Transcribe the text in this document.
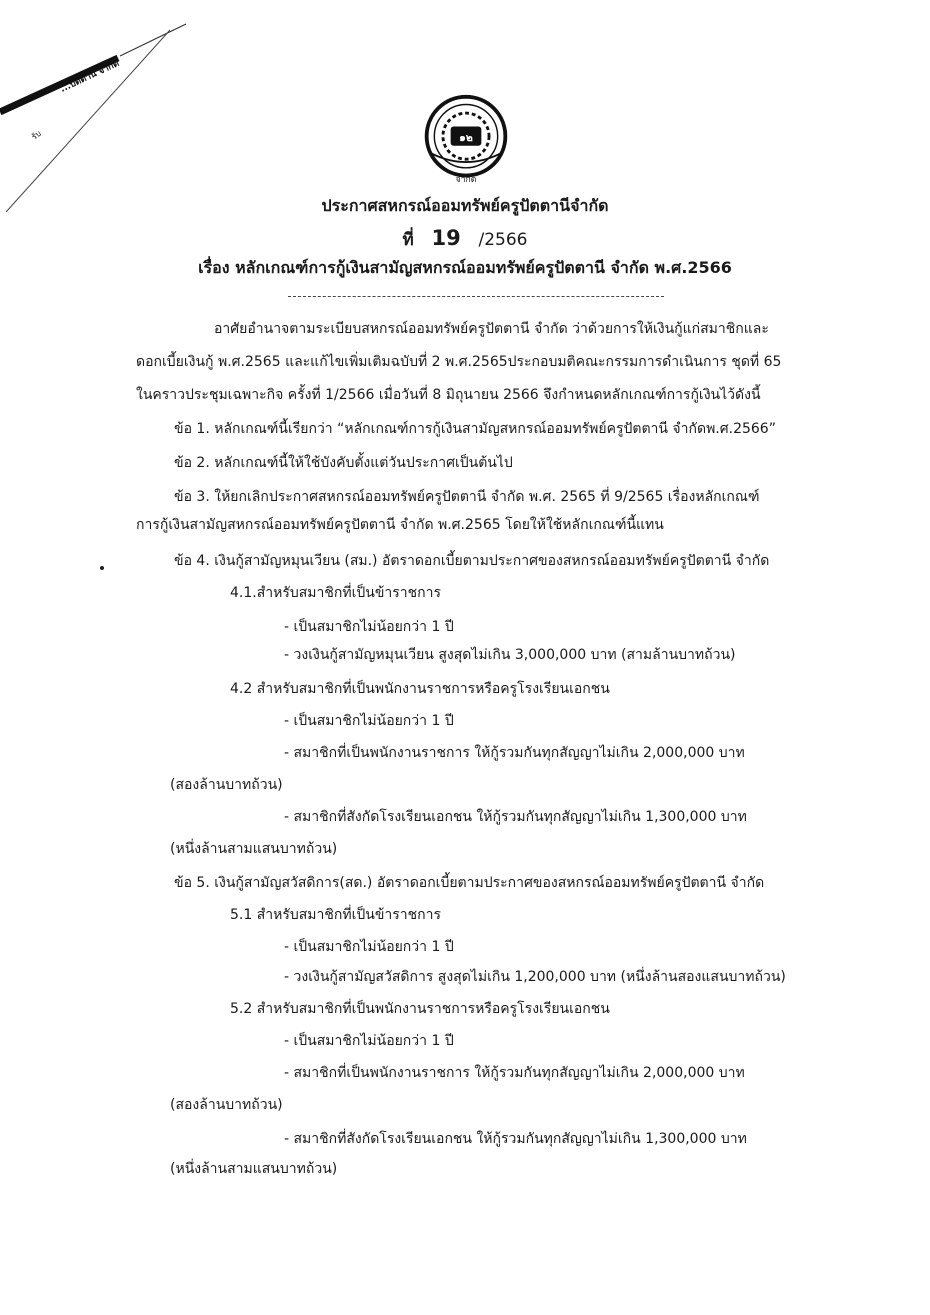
...ปัตตานี จำกัด
รับ	๑๒
จำกัด
ประกาศสหกรณ์ออมทรัพย์ครูปัตตานีจำกัด
ที่ 19 /2566
เรื่อง หลักเกณฑ์การกู้เงินสามัญสหกรณ์ออมทรัพย์ครูปัตตานี จำกัด พ.ศ.2566
อาศัยอำนาจตามระเบียบสหกรณ์ออมทรัพย์ครูปัตตานี จำกัด ว่าด้วยการให้เงินกู้แก่สมาชิกและ
ดอกเบี้ยเงินกู้ พ.ศ.2565 และแก้ไขเพิ่มเติมฉบับที่ 2 พ.ศ.2565ประกอบมติคณะกรรมการดำเนินการ ชุดที่ 65
ในคราวประชุมเฉพาะกิจ ครั้งที่ 1/2566 เมื่อวันที่ 8 มิถุนายน 2566 จึงกำหนดหลักเกณฑ์การกู้เงินไว้ดังนี้
ข้อ 1. หลักเกณฑ์นี้เรียกว่า “หลักเกณฑ์การกู้เงินสามัญสหกรณ์ออมทรัพย์ครูปัตตานี จำกัดพ.ศ.2566”
ข้อ 2. หลักเกณฑ์นี้ให้ใช้บังคับตั้งแต่วันประกาศเป็นต้นไป
ข้อ 3. ให้ยกเลิกประกาศสหกรณ์ออมทรัพย์ครูปัตตานี จำกัด พ.ศ. 2565 ที่ 9/2565 เรื่องหลักเกณฑ์
การกู้เงินสามัญสหกรณ์ออมทรัพย์ครูปัตตานี จำกัด พ.ศ.2565 โดยให้ใช้หลักเกณฑ์นี้แทน
ข้อ 4. เงินกู้สามัญหมุนเวียน (สม.) อัตราดอกเบี้ยตามประกาศของสหกรณ์ออมทรัพย์ครูปัตตานี จำกัด
4.1.สำหรับสมาชิกที่เป็นข้าราชการ
- เป็นสมาชิกไม่น้อยกว่า 1 ปี
- วงเงินกู้สามัญหมุนเวียน สูงสุดไม่เกิน 3,000,000 บาท (สามล้านบาทถ้วน)
4.2 สำหรับสมาชิกที่เป็นพนักงานราชการหรือครูโรงเรียนเอกชน
- เป็นสมาชิกไม่น้อยกว่า 1 ปี
- สมาชิกที่เป็นพนักงานราชการ ให้กู้รวมกันทุกสัญญาไม่เกิน 2,000,000 บาท
(สองล้านบาทถ้วน)
- สมาชิกที่สังกัดโรงเรียนเอกชน ให้กู้รวมกันทุกสัญญาไม่เกิน 1,300,000 บาท
(หนึ่งล้านสามแสนบาทถ้วน)
ข้อ 5. เงินกู้สามัญสวัสดิการ(สด.) อัตราดอกเบี้ยตามประกาศของสหกรณ์ออมทรัพย์ครูปัตตานี จำกัด
5.1 สำหรับสมาชิกที่เป็นข้าราชการ
- เป็นสมาชิกไม่น้อยกว่า 1 ปี
- วงเงินกู้สามัญสวัสดิการ สูงสุดไม่เกิน 1,200,000 บาท (หนึ่งล้านสองแสนบาทถ้วน)
5.2 สำหรับสมาชิกที่เป็นพนักงานราชการหรือครูโรงเรียนเอกชน
- เป็นสมาชิกไม่น้อยกว่า 1 ปี
- สมาชิกที่เป็นพนักงานราชการ ให้กู้รวมกันทุกสัญญาไม่เกิน 2,000,000 บาท
(สองล้านบาทถ้วน)
- สมาชิกที่สังกัดโรงเรียนเอกชน ให้กู้รวมกันทุกสัญญาไม่เกิน 1,300,000 บาท
(หนึ่งล้านสามแสนบาทถ้วน)
